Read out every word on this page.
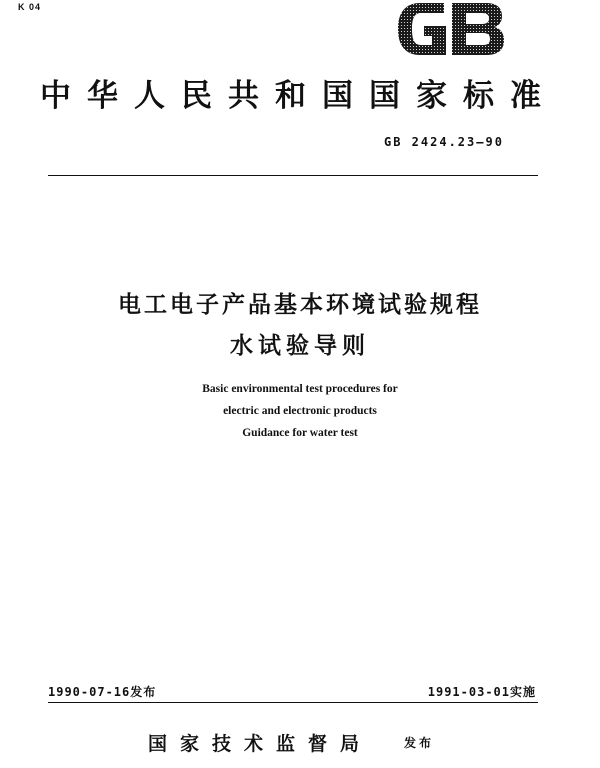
K 04
GB
中华人民共和国国家标准
GB 2424.23—90
电工电子产品基本环境试验规程
水试验导则
Basic environmental test procedures for
electric and electronic products
Guidance for water test
1990-07-16发布	1991-03-01实施
国家技术监督局	发布
